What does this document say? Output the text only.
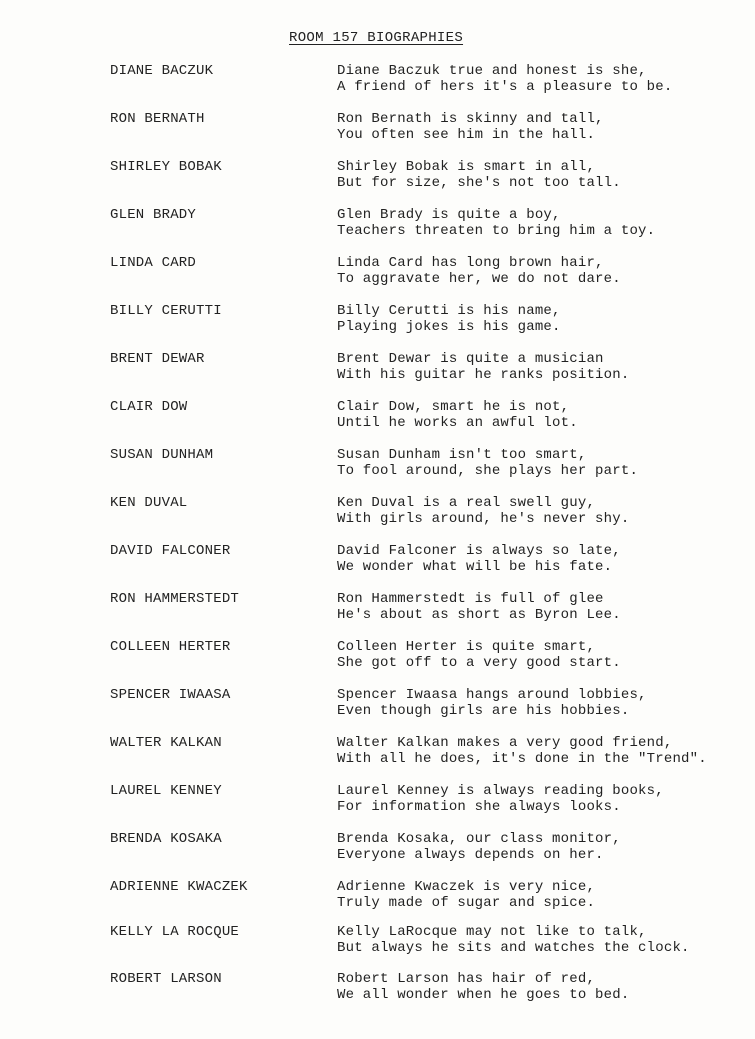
ROOM 157 BIOGRAPHIES
DIANE BACZUK	Diane Baczuk true and honest is she,
A friend of hers it's a pleasure to be.
RON BERNATH	Ron Bernath is skinny and tall,
You often see him in the hall.
SHIRLEY BOBAK	Shirley Bobak is smart in all,
But for size, she's not too tall.
GLEN BRADY	Glen Brady is quite a boy,
Teachers threaten to bring him a toy.
LINDA CARD	Linda Card has long brown hair,
To aggravate her, we do not dare.
BILLY CERUTTI	Billy Cerutti is his name,
Playing jokes is his game.
BRENT DEWAR	Brent Dewar is quite a musician
With his guitar he ranks position.
CLAIR DOW	Clair Dow, smart he is not,
Until he works an awful lot.
SUSAN DUNHAM	Susan Dunham isn't too smart,
To fool around, she plays her part.
KEN DUVAL	Ken Duval is a real swell guy,
With girls around, he's never shy.
DAVID FALCONER	David Falconer is always so late,
We wonder what will be his fate.
RON HAMMERSTEDT	Ron Hammerstedt is full of glee
He's about as short as Byron Lee.
COLLEEN HERTER	Colleen Herter is quite smart,
She got off to a very good start.
SPENCER IWAASA	Spencer Iwaasa hangs around lobbies,
Even though girls are his hobbies.
WALTER KALKAN	Walter Kalkan makes a very good friend,
With all he does, it's done in the "Trend".
LAUREL KENNEY	Laurel Kenney is always reading books,
For information she always looks.
BRENDA KOSAKA	Brenda Kosaka, our class monitor,
Everyone always depends on her.
ADRIENNE KWACZEK	Adrienne Kwaczek is very nice,
Truly made of sugar and spice.
KELLY LA ROCQUE	Kelly LaRocque may not like to talk,
But always he sits and watches the clock.
ROBERT LARSON	Robert Larson has hair of red,
We all wonder when he goes to bed.
